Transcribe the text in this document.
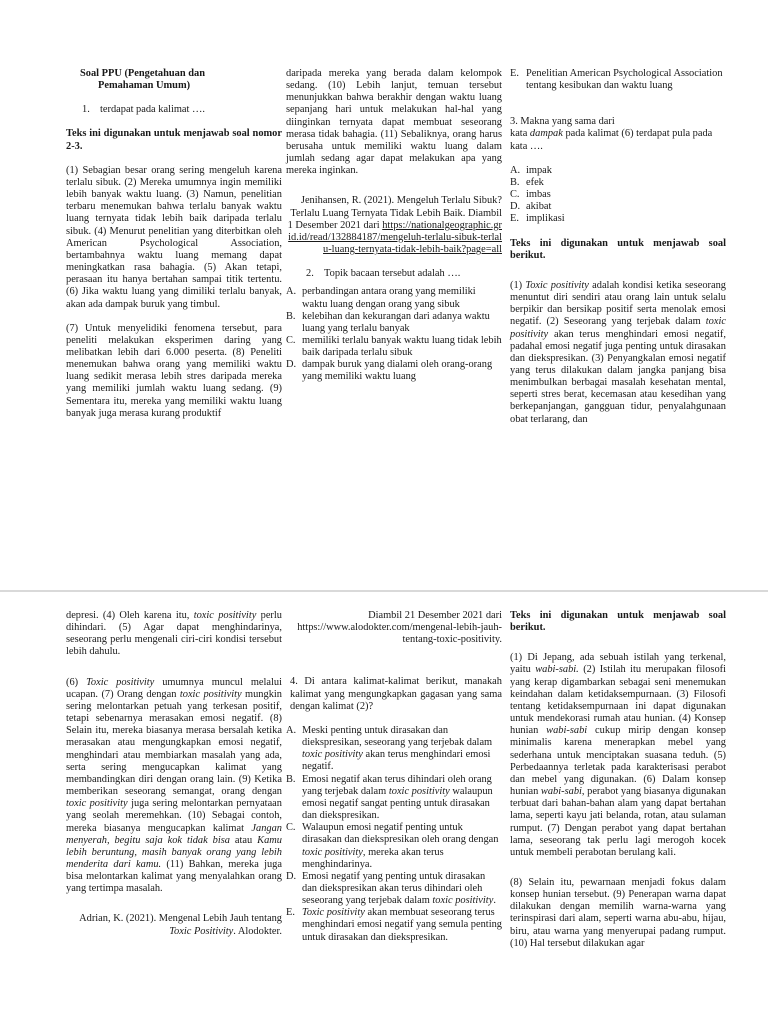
Soal PPU (Pengetahuan dan

Pemahaman Umum)

1. terdapat pada kalimat ….

Teks ini digunakan untuk menjawab soal nomor 2-3.

(1) Sebagian besar orang sering mengeluh karena terlalu sibuk. (2) Mereka umumnya ingin memiliki lebih banyak waktu luang. (3) Namun, penelitian terbaru menemukan bahwa terlalu banyak waktu luang ternyata tidak lebih baik daripada terlalu sibuk. (4) Menurut penelitian yang diterbitkan oleh American Psychological Association, bertambahnya waktu luang memang dapat meningkatkan rasa bahagia. (5) Akan tetapi, perasaan itu hanya bertahan sampai titik tertentu. (6) Jika waktu luang yang dimiliki terlalu banyak, akan ada dampak buruk yang timbul.

(7) Untuk menyelidiki fenomena tersebut, para peneliti melakukan eksperimen daring yang melibatkan lebih dari 6.000 peserta. (8) Peneliti menemukan bahwa orang yang memiliki waktu luang sedikit merasa lebih stres daripada mereka yang memiliki jumlah waktu luang sedang. (9) Sementara itu, mereka yang memiliki waktu luang banyak juga merasa kurang produktif

daripada mereka yang berada dalam kelompok sedang. (10) Lebih lanjut, temuan tersebut menunjukkan bahwa berakhir dengan waktu luang sepanjang hari untuk melakukan hal-hal yang diinginkan ternyata dapat membuat seseorang merasa tidak bahagia. (11) Sebaliknya, orang harus berusaha untuk memiliki waktu luang dalam jumlah sedang agar dapat melakukan apa yang mereka inginkan.

Jenihansen, R. (2021). Mengeluh Terlalu Sibuk? Terlalu Luang Ternyata Tidak Lebih Baik. Diambil 1 Desember 2021 dari https://nationalgeographic.grid.id/read/132884187/mengeluh-terlalu-sibuk-terlalu-luang-ternyata-tidak-lebih-baik?page=all

2. Topik bacaan tersebut adalah ….
A. perbandingan antara orang yang memiliki waktu luang dengan orang yang sibuk
B. kelebihan dan kekurangan dari adanya waktu luang yang terlalu banyak
C. memiliki terlalu banyak waktu luang tidak lebih baik daripada terlalu sibuk
D. dampak buruk yang dialami oleh orang-orang yang memiliki waktu luang
E. Penelitian American Psychological Association tentang kesibukan dan waktu luang

3. Makna yang sama dari

kata dampak pada kalimat (6) terdapat pula pada kata ….

A. impak
B. efek
C. imbas
D. akibat
E. implikasi

Teks ini digunakan untuk menjawab soal berikut.

(1) Toxic positivity adalah kondisi ketika seseorang menuntut diri sendiri atau orang lain untuk selalu berpikir dan bersikap positif serta menolak emosi negatif. (2) Seseorang yang terjebak dalam toxic positivity akan terus menghindari emosi negatif, padahal emosi negatif juga penting untuk dirasakan dan diekspresikan. (3) Penyangkalan emosi negatif yang terus dilakukan dalam jangka panjang bisa menimbulkan berbagai masalah kesehatan mental, seperti stres berat, kecemasan atau kesedihan yang berkepanjangan, gangguan tidur, penyalahgunaan obat terlarang, dan

depresi. (4) Oleh karena itu, toxic positivity perlu dihindari. (5) Agar dapat menghindarinya, seseorang perlu mengenali ciri-ciri kondisi tersebut lebih dahulu.

(6) Toxic positivity umumnya muncul melalui ucapan. (7) Orang dengan toxic positivity mungkin sering melontarkan petuah yang terkesan positif, tetapi sebenarnya merasakan emosi negatif. (8) Selain itu, mereka biasanya merasa bersalah ketika merasakan atau mengungkapkan emosi negatif, menghindari atau membiarkan masalah yang ada, serta sering mengucapkan kalimat yang membandingkan diri dengan orang lain. (9) Ketika memberikan seseorang semangat, orang dengan toxic positivity juga sering melontarkan pernyataan yang seolah meremehkan. (10) Sebagai contoh, mereka biasanya mengucapkan kalimat Jangan menyerah, begitu saja kok tidak bisa atau Kamu lebih beruntung, masih banyak orang yang lebih menderita dari kamu. (11) Bahkan, mereka juga bisa melontarkan kalimat yang menyalahkan orang yang tertimpa masalah.

Adrian, K. (2021). Mengenal Lebih Jauh tentang Toxic Positivity. Alodokter.

Diambil 21 Desember 2021 dari https://www.alodokter.com/mengenal-lebih-jauh-tentang-toxic-positivity.

4. Di antara kalimat-kalimat berikut, manakah kalimat yang mengungkapkan gagasan yang sama dengan kalimat (2)?
A. Meski penting untuk dirasakan dan diekspresikan, seseorang yang terjebak dalam toxic positivity akan terus menghindari emosi negatif.
B. Emosi negatif akan terus dihindari oleh orang yang terjebak dalam toxic positivity walaupun emosi negatif sangat penting untuk dirasakan dan diekspresikan.
C. Walaupun emosi negatif penting untuk dirasakan dan diekspresikan oleh orang dengan toxic positivity, mereka akan terus menghindarinya.
D. Emosi negatif yang penting untuk dirasakan dan diekspresikan akan terus dihindari oleh seseorang yang terjebak dalam toxic positivity.
E. Toxic positivity akan membuat seseorang terus menghindari emosi negatif yang semula penting untuk dirasakan dan diekspresikan.

Teks ini digunakan untuk menjawab soal berikut.

(1) Di Jepang, ada sebuah istilah yang terkenal, yaitu wabi-sabi. (2) Istilah itu merupakan filosofi yang kerap digambarkan sebagai seni menemukan keindahan dalam ketidaksempurnaan. (3) Filosofi tentang ketidaksempurnaan ini dapat digunakan untuk mendekorasi rumah atau hunian. (4) Konsep hunian wabi-sabi cukup mirip dengan konsep minimalis karena menerapkan mebel yang sederhana untuk menciptakan suasana teduh. (5) Perbedaannya terletak pada karakterisasi perabot dan mebel yang digunakan. (6) Dalam konsep hunian wabi-sabi, perabot yang biasanya digunakan terbuat dari bahan-bahan alam yang dapat bertahan lama, seperti kayu jati belanda, rotan, atau sulaman rumput. (7) Dengan perabot yang dapat bertahan lama, seseorang tak perlu lagi merogoh kocek untuk membeli perabotan berulang kali.

(8) Selain itu, pewarnaan menjadi fokus dalam konsep hunian tersebut. (9) Penerapan warna dapat dilakukan dengan memilih warna-warna yang terinspirasi dari alam, seperti warna abu-abu, hijau, biru, atau warna yang menyerupai padang rumput. (10) Hal tersebut dilakukan agar
